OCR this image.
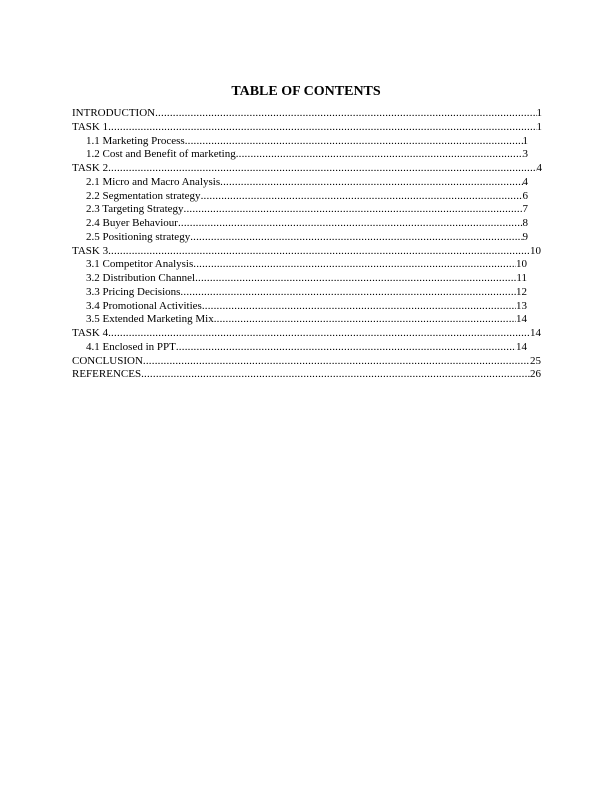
TABLE OF CONTENTS
INTRODUCTION .....	1
TASK 1 .....	1
1.1 Marketing Process .....	1
1.2 Cost and Benefit of marketing .....	3
TASK 2 .....	4
2.1 Micro and Macro Analysis .....	4
2.2 Segmentation strategy .....	6
2.3 Targeting Strategy .....	7
2.4 Buyer Behaviour .....	8
2.5 Positioning strategy .....	9
TASK 3 .....	10
3.1 Competitor Analysis .....	10
3.2 Distribution Channel .....	11
3.3 Pricing Decisions .....	12
3.4 Promotional Activities .....	13
3.5 Extended Marketing Mix .....	14
TASK 4 .....	14
4.1 Enclosed in PPT .....	14
CONCLUSION .....	25
REFERENCES .....	26
